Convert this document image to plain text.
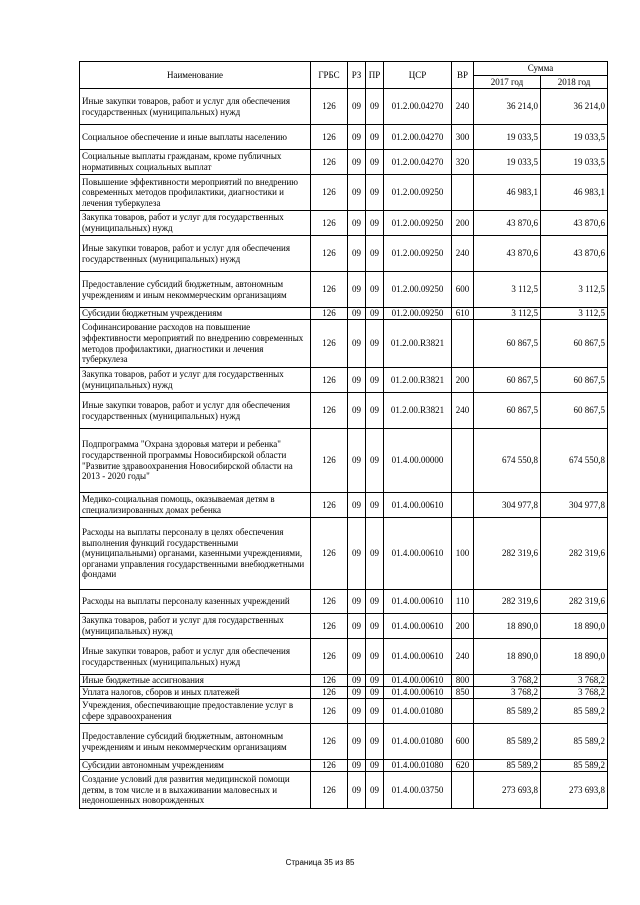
Наименование	ГРБС	РЗ	ПР	ЦСР	ВР	Сумма	
						2017 год	2018 год
Иные закупки товаров, работ и услуг для обеспечения государственных (муниципальных) нужд	126	09	09	01.2.00.04270	240	36 214,0	36 214,0
Социальное обеспечение и иные выплаты населению	126	09	09	01.2.00.04270	300	19 033,5	19 033,5
Социальные выплаты гражданам, кроме публичных нормативных социальных выплат	126	09	09	01.2.00.04270	320	19 033,5	19 033,5
Повышение эффективности мероприятий по внедрению современных методов профилактики, диагностики и лечения туберкулеза	126	09	09	01.2.00.09250		46 983,1	46 983,1
Закупка товаров, работ и услуг для государственных (муниципальных) нужд	126	09	09	01.2.00.09250	200	43 870,6	43 870,6
Иные закупки товаров, работ и услуг для обеспечения государственных (муниципальных) нужд	126	09	09	01.2.00.09250	240	43 870,6	43 870,6
Предоставление субсидий бюджетным, автономным учреждениям и иным некоммерческим организациям	126	09	09	01.2.00.09250	600	3 112,5	3 112,5
Субсидии бюджетным учреждениям	126	09	09	01.2.00.09250	610	3 112,5	3 112,5
Софинансирование расходов на повышение эффективности мероприятий по внедрению современных методов профилактики, диагностики и лечения туберкулеза	126	09	09	01.2.00.R3821		60 867,5	60 867,5
Закупка товаров, работ и услуг для государственных (муниципальных) нужд	126	09	09	01.2.00.R3821	200	60 867,5	60 867,5
Иные закупки товаров, работ и услуг для обеспечения государственных (муниципальных) нужд	126	09	09	01.2.00.R3821	240	60 867,5	60 867,5
Подпрограмма "Охрана здоровья матери и ребенка" государственной программы Новосибирской области "Развитие здравоохранения Новосибирской области на 2013 - 2020 годы"	126	09	09	01.4.00.00000		674 550,8	674 550,8
Медико-социальная помощь, оказываемая детям в специализированных домах ребенка	126	09	09	01.4.00.00610		304 977,8	304 977,8
Расходы на выплаты персоналу в целях обеспечения выполнения функций государственными (муниципальными) органами, казенными учреждениями, органами управления государственными внебюджетными фондами	126	09	09	01.4.00.00610	100	282 319,6	282 319,6
Расходы на выплаты персоналу казенных учреждений	126	09	09	01.4.00.00610	110	282 319,6	282 319,6
Закупка товаров, работ и услуг для государственных (муниципальных) нужд	126	09	09	01.4.00.00610	200	18 890,0	18 890,0
Иные закупки товаров, работ и услуг для обеспечения государственных (муниципальных) нужд	126	09	09	01.4.00.00610	240	18 890,0	18 890,0
Иные бюджетные ассигнования	126	09	09	01.4.00.00610	800	3 768,2	3 768,2
Уплата налогов, сборов и иных платежей	126	09	09	01.4.00.00610	850	3 768,2	3 768,2
Учреждения, обеспечивающие предоставление услуг в сфере здравоохранения	126	09	09	01.4.00.01080		85 589,2	85 589,2
Предоставление субсидий бюджетным, автономным учреждениям и иным некоммерческим организациям	126	09	09	01.4.00.01080	600	85 589,2	85 589,2
Субсидии автономным учреждениям	126	09	09	01.4.00.01080	620	85 589,2	85 589,2
Создание условий для развития медицинской помощи детям, в том числе и в выхаживании маловесных и недоношенных новорожденных	126	09	09	01.4.00.03750		273 693,8	273 693,8
Страница 35 из 85
